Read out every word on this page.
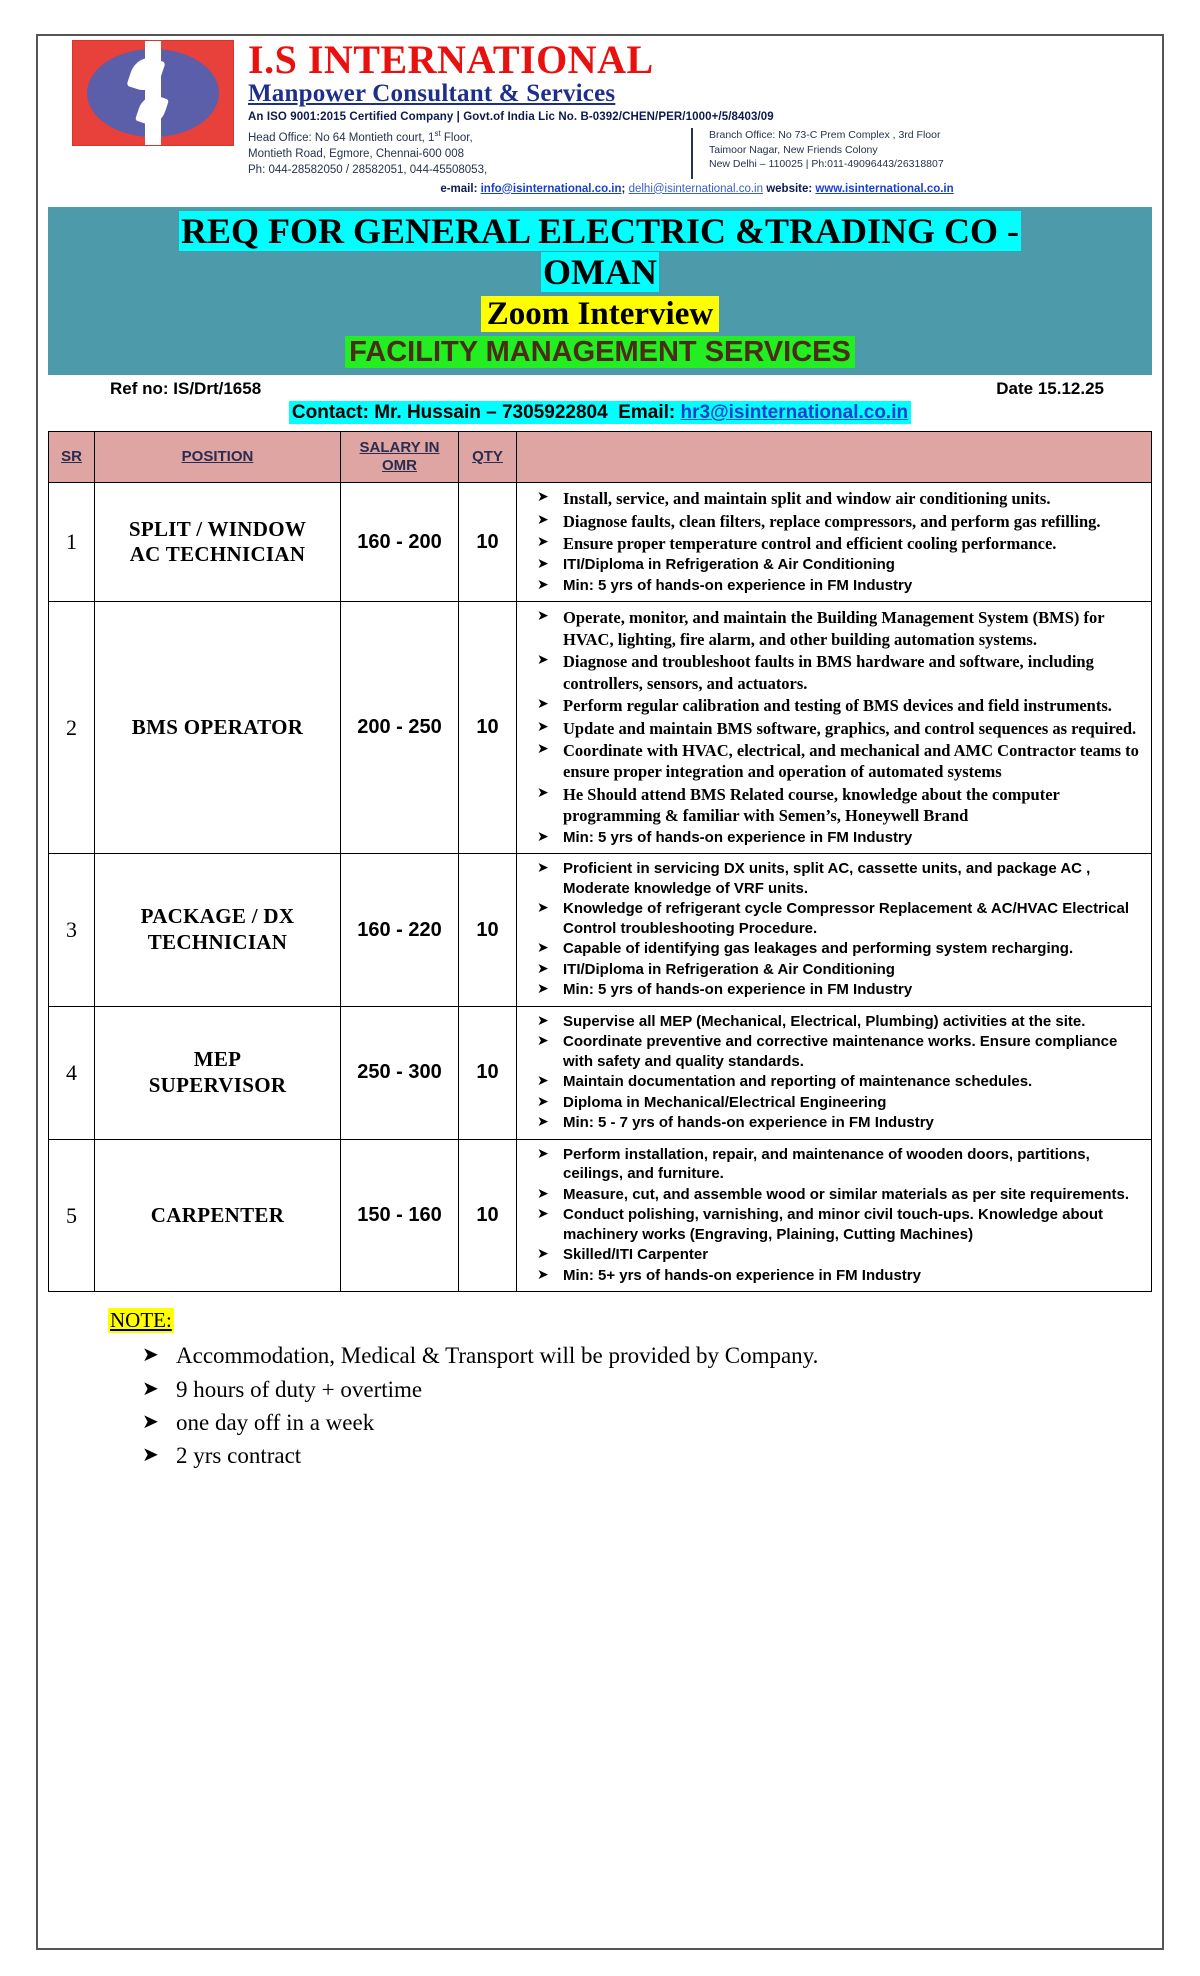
I.S INTERNATIONAL
Manpower Consultant & Services
An ISO 9001:2015 Certified Company | Govt.of India Lic No. B-0392/CHEN/PER/1000+/5/8403/09
Head Office: No 64 Montieth court, 1st Floor,
Montieth Road, Egmore, Chennai-600 008
Ph: 044-28582050 / 28582051, 044-45508053,
Branch Office: No 73-C Prem Complex , 3rd Floor
Taimoor Nagar, New Friends Colony
New Delhi – 110025 | Ph:011-49096443/26318807
e-mail: info@isinternational.co.in; delhi@isinternational.co.in website: www.isinternational.co.in
REQ FOR GENERAL ELECTRIC &TRADING CO -
OMAN
Zoom Interview
FACILITY MANAGEMENT SERVICES
Ref no: IS/Drt/1658	Date 15.12.25
Contact: Mr. Hussain – 7305922804 Email: hr3@isinternational.co.in
SR	POSITION	SALARY IN
OMR	QTY	
1	SPLIT / WINDOW
AC TECHNICIAN	160 - 200	10	
➤ Install, service, and maintain split and window air conditioning units.
➤ Diagnose faults, clean filters, replace compressors, and perform gas refilling.
➤ Ensure proper temperature control and efficient cooling performance.
➤ ITI/Diploma in Refrigeration & Air Conditioning
➤ Min: 5 yrs of hands-on experience in FM Industry

2	BMS OPERATOR	200 - 250	10	
➤ Operate, monitor, and maintain the Building Management System (BMS) for HVAC, lighting, fire alarm, and other building automation systems.
➤ Diagnose and troubleshoot faults in BMS hardware and software, including controllers, sensors, and actuators.
➤ Perform regular calibration and testing of BMS devices and field instruments.
➤ Update and maintain BMS software, graphics, and control sequences as required.
➤ Coordinate with HVAC, electrical, and mechanical and AMC Contractor teams to ensure proper integration and operation of automated systems
➤ He Should attend BMS Related course, knowledge about the computer programming & familiar with Semen’s, Honeywell Brand
➤ Min: 5 yrs of hands-on experience in FM Industry

3	PACKAGE / DX
TECHNICIAN	160 - 220	10	
➤ Proficient in servicing DX units, split AC, cassette units, and package AC , Moderate knowledge of VRF units.
➤ Knowledge of refrigerant cycle Compressor Replacement & AC/HVAC Electrical Control troubleshooting Procedure.
➤ Capable of identifying gas leakages and performing system recharging.
➤ ITI/Diploma in Refrigeration & Air Conditioning
➤ Min: 5 yrs of hands-on experience in FM Industry

4	MEP
SUPERVISOR	250 - 300	10	
➤ Supervise all MEP (Mechanical, Electrical, Plumbing) activities at the site.
➤ Coordinate preventive and corrective maintenance works. Ensure compliance with safety and quality standards.
➤ Maintain documentation and reporting of maintenance schedules.
➤ Diploma in Mechanical/Electrical Engineering
➤ Min: 5 - 7 yrs of hands-on experience in FM Industry

5	CARPENTER	150 - 160	10	
➤ Perform installation, repair, and maintenance of wooden doors, partitions, ceilings, and furniture.
➤ Measure, cut, and assemble wood or similar materials as per site requirements.
➤ Conduct polishing, varnishing, and minor civil touch-ups. Knowledge about machinery works (Engraving, Plaining, Cutting Machines)
➤ Skilled/ITI Carpenter
➤ Min: 5+ yrs of hands-on experience in FM Industry
NOTE:
➤ Accommodation, Medical & Transport will be provided by Company.
➤ 9 hours of duty + overtime
➤ one day off in a week
➤ 2 yrs contract
